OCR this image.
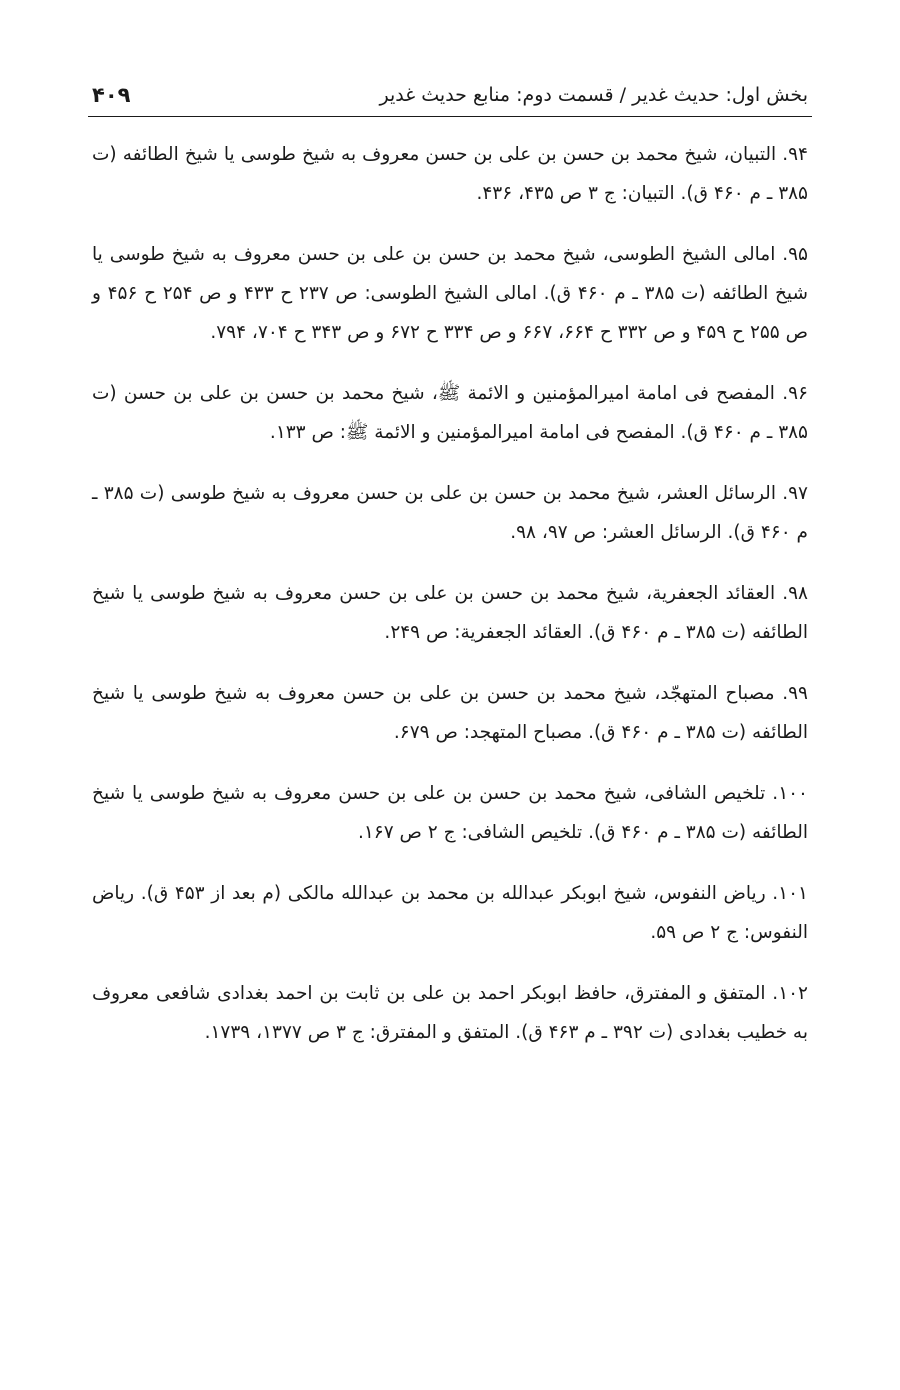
بخش اول: حدیث غدیر / قسمت دوم: منابع حدیث غدیر
۴۰۹

۹۴. التبیان، شیخ محمد بن حسن بن علی بن حسن معروف به شیخ طوسی یا شیخ الطائفه (ت ۳۸۵ ـ م ۴۶۰ ق). التبیان: ج ۳ ص ۴۳۵، ۴۳۶.

۹۵. امالی الشیخ الطوسی، شیخ محمد بن حسن بن علی بن حسن معروف به شیخ طوسی یا شیخ الطائفه (ت ۳۸۵ ـ م ۴۶۰ ق). امالی الشیخ الطوسی: ص ۲۳۷ ح ۴۳۳ و ص ۲۵۴ ح ۴۵۶ و ص ۲۵۵ ح ۴۵۹ و ص ۳۳۲ ح ۶۶۴، ۶۶۷ و ص ۳۳۴ ح ۶۷۲ و ص ۳۴۳ ح ۷۰۴، ۷۹۴.

۹۶. المفصح فی امامة امیرالمؤمنین و الائمة ﷺ، شیخ محمد بن حسن بن علی بن حسن (ت ۳۸۵ ـ م ۴۶۰ ق). المفصح فی امامة امیرالمؤمنین و الائمة ﷺ: ص ۱۳۳.

۹۷. الرسائل العشر، شیخ محمد بن حسن بن علی بن حسن معروف به شیخ طوسی (ت ۳۸۵ ـ م ۴۶۰ ق). الرسائل العشر: ص ۹۷، ۹۸.

۹۸. العقائد الجعفریة، شیخ محمد بن حسن بن علی بن حسن معروف به شیخ طوسی یا شیخ الطائفه (ت ۳۸۵ ـ م ۴۶۰ ق). العقائد الجعفریة: ص ۲۴۹.

۹۹. مصباح المتهجّد، شیخ محمد بن حسن بن علی بن حسن معروف به شیخ طوسی یا شیخ الطائفه (ت ۳۸۵ ـ م ۴۶۰ ق). مصباح المتهجد: ص ۶۷۹.

۱۰۰. تلخیص الشافی، شیخ محمد بن حسن بن علی بن حسن معروف به شیخ طوسی یا شیخ الطائفه (ت ۳۸۵ ـ م ۴۶۰ ق). تلخیص الشافی: ج ۲ ص ۱۶۷.

۱۰۱. ریاض النفوس، شیخ ابوبکر عبدالله بن محمد بن عبدالله مالکی (م بعد از ۴۵۳ ق). ریاض النفوس: ج ۲ ص ۵۹.

۱۰۲. المتفق و المفترق، حافظ ابوبکر احمد بن علی بن ثابت بن احمد بغدادی شافعی معروف به خطیب بغدادی (ت ۳۹۲ ـ م ۴۶۳ ق). المتفق و المفترق: ج ۳ ص ۱۳۷۷، ۱۷۳۹.
